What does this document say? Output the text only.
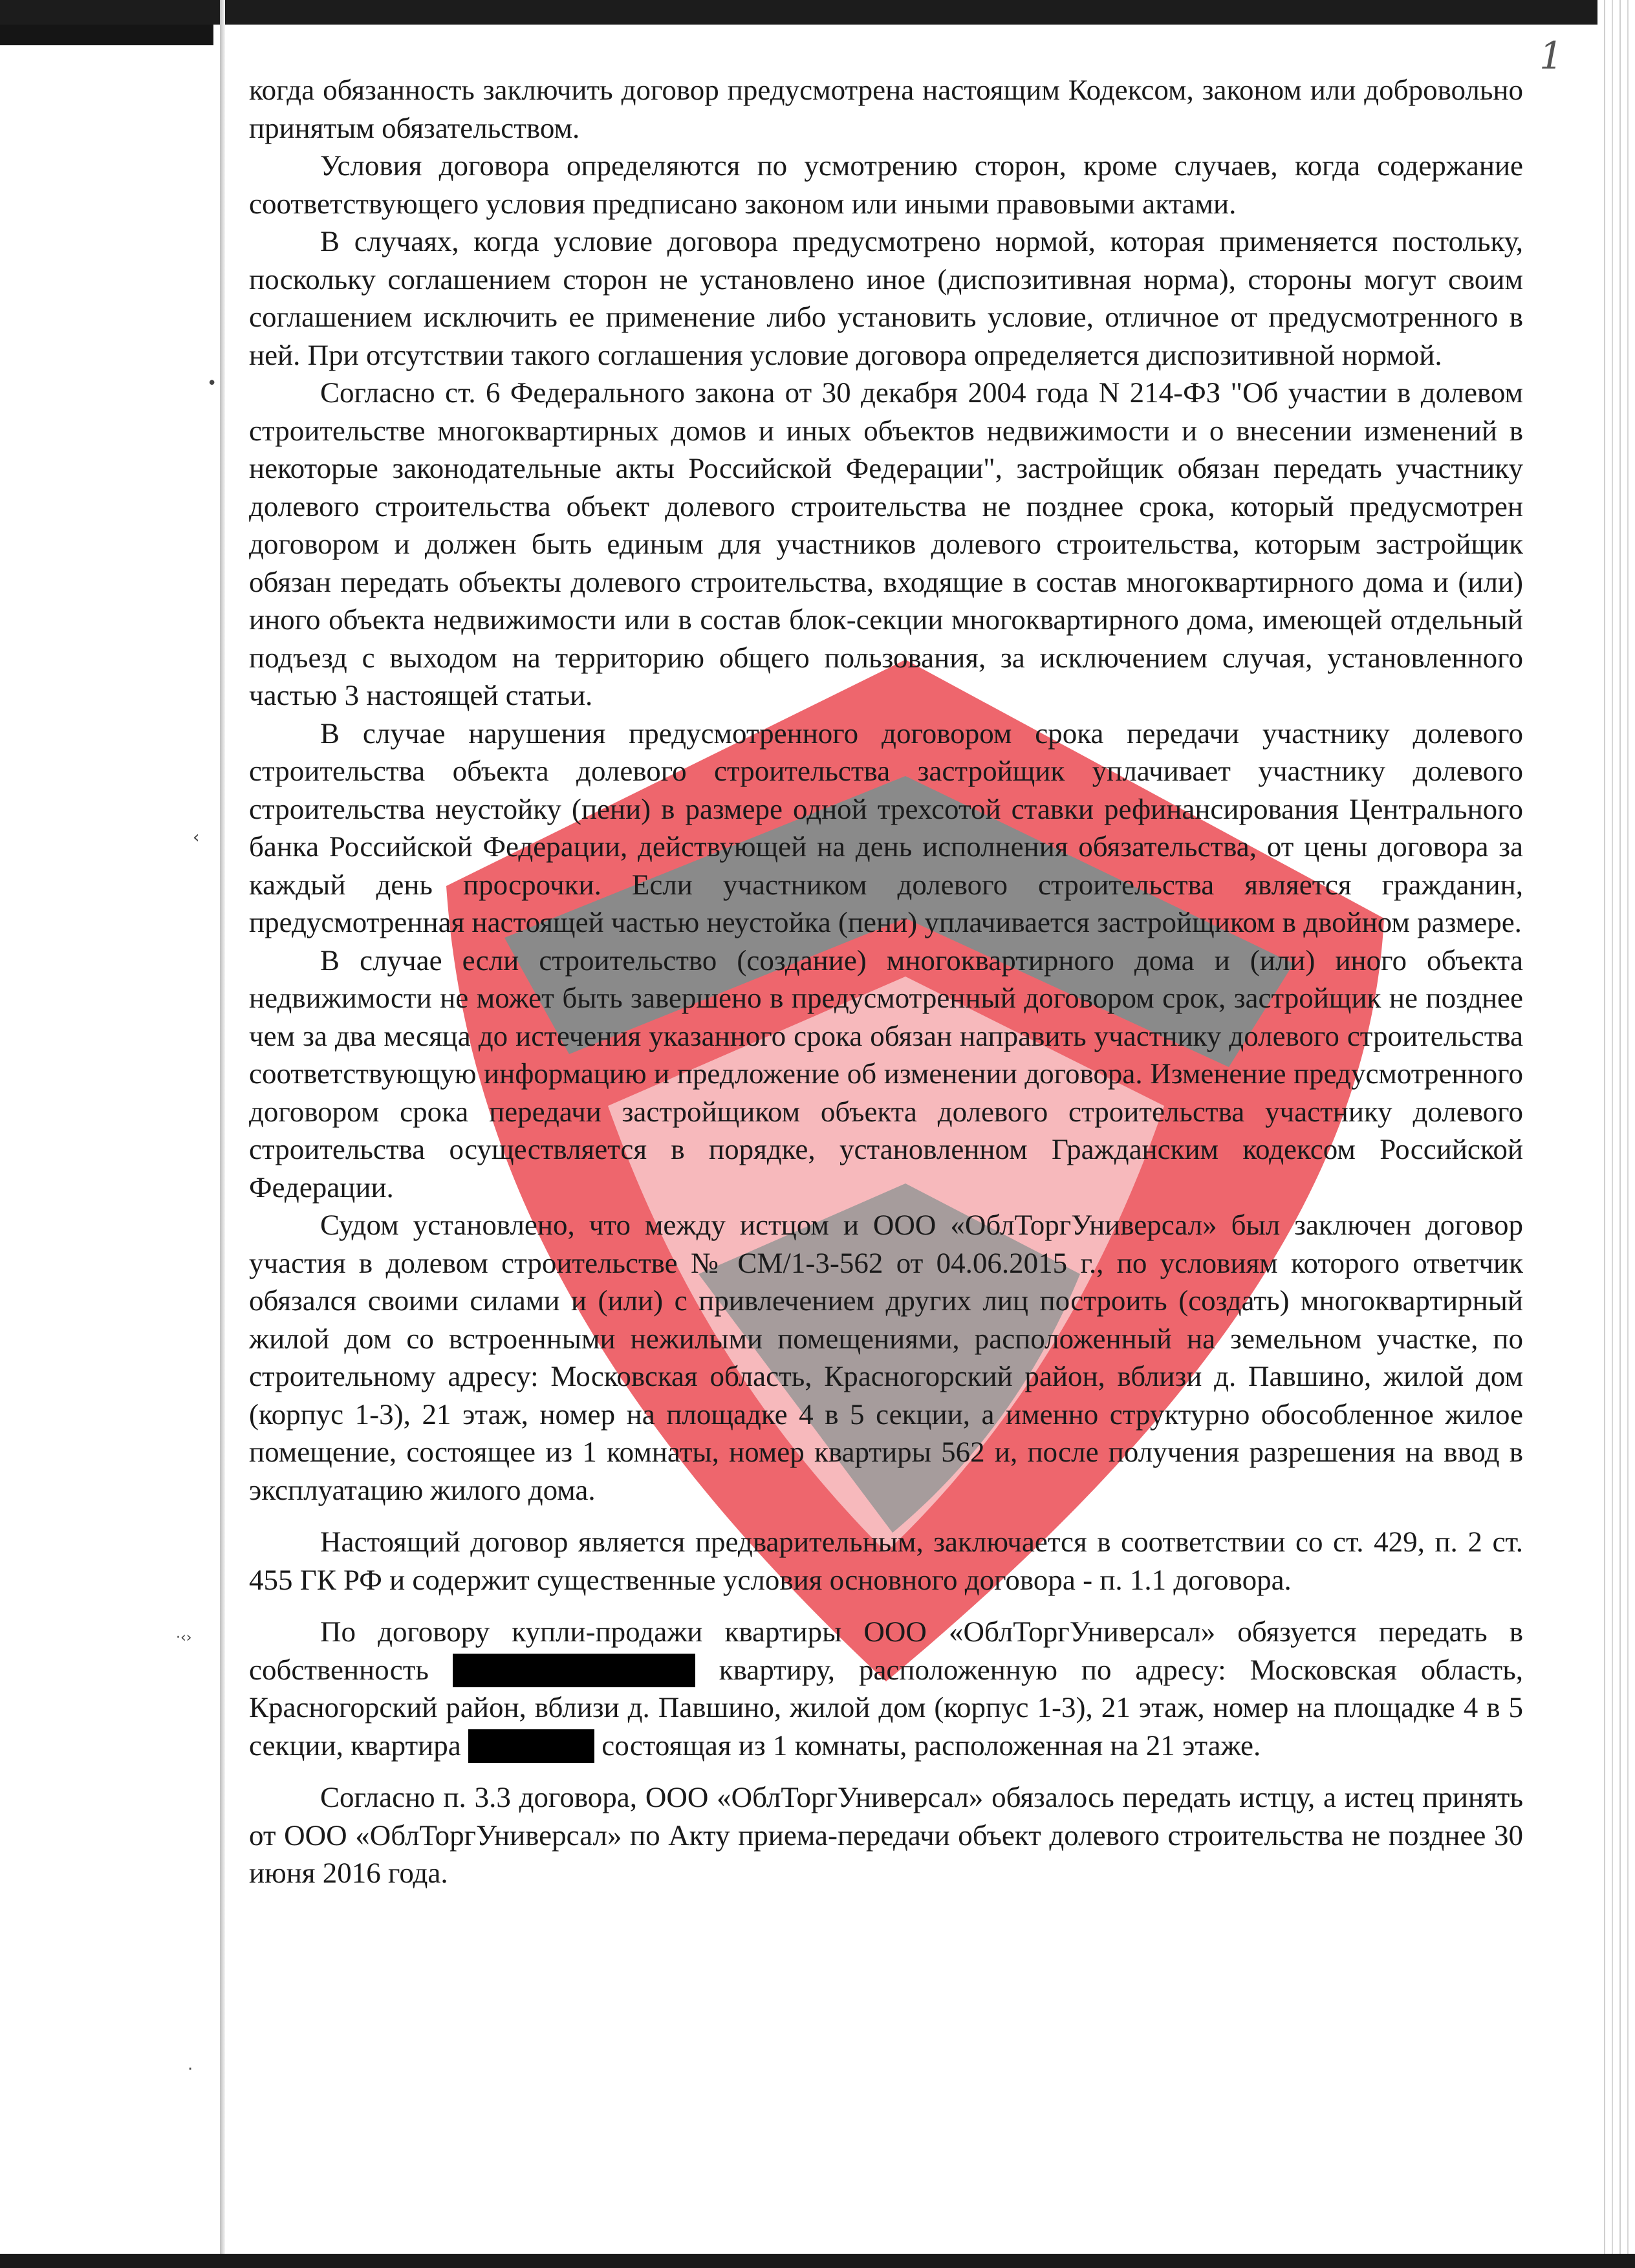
1
•
‹
·‹›
·

когда обязанность заключить договор предусмотрена настоящим Кодексом, законом или добровольно принятым обязательством.

Условия договора определяются по усмотрению сторон, кроме случаев, когда содержание соответствующего условия предписано законом или иными правовыми актами.

В случаях, когда условие договора предусмотрено нормой, которая применяется постольку, поскольку соглашением сторон не установлено иное (диспозитивная норма), стороны могут своим соглашением исключить ее применение либо установить условие, отличное от предусмотренного в ней. При отсутствии такого соглашения условие договора определяется диспозитивной нормой.

Согласно ст. 6 Федерального закона от 30 декабря 2004 года N 214-ФЗ "Об участии в долевом строительстве многоквартирных домов и иных объектов недвижимости и о внесении изменений в некоторые законодательные акты Российской Федерации", застройщик обязан передать участнику долевого строительства объект долевого строительства не позднее срока, который предусмотрен договором и должен быть единым для участников долевого строительства, которым застройщик обязан передать объекты долевого строительства, входящие в состав многоквартирного дома и (или) иного объекта недвижимости или в состав блок-секции многоквартирного дома, имеющей отдельный подъезд с выходом на территорию общего пользования, за исключением случая, установленного частью 3 настоящей статьи.

В случае нарушения предусмотренного договором срока передачи участнику долевого строительства объекта долевого строительства застройщик уплачивает участнику долевого строительства неустойку (пени) в размере одной трехсотой ставки рефинансирования Центрального банка Российской Федерации, действующей на день исполнения обязательства, от цены договора за каждый день просрочки. Если участником долевого строительства является гражданин, предусмотренная настоящей частью неустойка (пени) уплачивается застройщиком в двойном размере.

В случае если строительство (создание) многоквартирного дома и (или) иного объекта недвижимости не может быть завершено в предусмотренный договором срок, застройщик не позднее чем за два месяца до истечения указанного срока обязан направить участнику долевого строительства соответствующую информацию и предложение об изменении договора. Изменение предусмотренного договором срока передачи застройщиком объекта долевого строительства участнику долевого строительства осуществляется в порядке, установленном Гражданским кодексом Российской Федерации.

Судом установлено, что между истцом и ООО «ОблТоргУниверсал» был заключен договор участия в долевом строительстве № СМ/1-3-562 от 04.06.2015 г., по условиям которого ответчик обязался своими силами и (или) с привлечением других лиц построить (создать) многоквартирный жилой дом со встроенными нежилыми помещениями, расположенный на земельном участке, по строительному адресу: Московская область, Красногорский район, вблизи д. Павшино, жилой дом (корпус 1-3), 21 этаж, номер на площадке 4 в 5 секции, а именно структурно обособленное жилое помещение, состоящее из 1 комнаты, номер квартиры 562 и, после получения разрешения на ввод в эксплуатацию жилого дома.

Настоящий договор является предварительным, заключается в соответствии со ст. 429, п. 2 ст. 455 ГК РФ и содержит существенные условия основного договора - п. 1.1 договора.

По договору купли-продажи квартиры ООО «ОблТоргУниверсал» обязуется передать в собственность	квартиру, расположенную по адресу: Московская область, Красногорский район, вблизи д. Павшино, жилой дом (корпус 1-3), 21 этаж, номер на площадке 4 в 5 секции, квартира	состоящая из 1 комнаты, расположенная на 21 этаже.

Согласно п. 3.3 договора, ООО «ОблТоргУниверсал» обязалось передать истцу, а истец принять от ООО «ОблТоргУниверсал» по Акту приема-передачи объект долевого строительства не позднее 30 июня 2016 года.
